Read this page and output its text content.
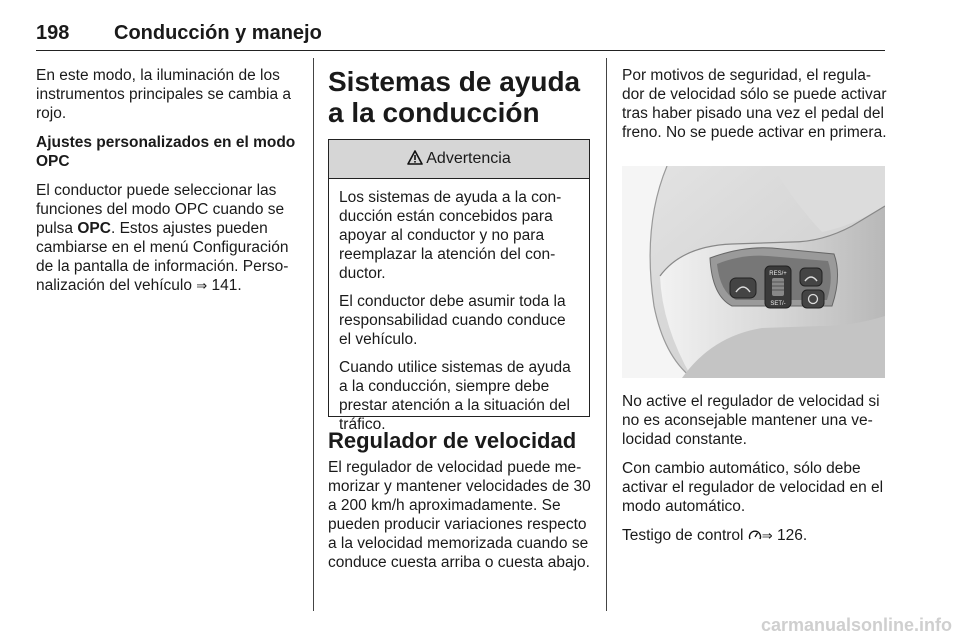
198 Conducción y manejo

En este modo, la iluminación de los instrumentos principales se cambia a rojo.

Ajustes personalizados en el modo OPC

El conductor puede seleccionar las funciones del modo OPC cuando se pulsa OPC. Estos ajustes pueden cambiarse en el menú Configuración de la pantalla de información. Personalización del vehículo ⇒ 141.

Sistemas de ayuda a la conducción
Advertencia

Los sistemas de ayuda a la conducción están concebidos para apoyar al conductor y no para reemplazar la atención del conductor.

El conductor debe asumir toda la responsabilidad cuando conduce el vehículo.

Cuando utilice sistemas de ayuda a la conducción, siempre debe prestar atención a la situación del tráfico.

Regulador de velocidad

El regulador de velocidad puede memorizar y mantener velocidades de 30 a 200 km/h aproximadamente. Se pueden producir variaciones respecto a la velocidad memorizada cuando se conduce cuesta arriba o cuesta abajo.

Por motivos de seguridad, el regulador de velocidad sólo se puede activar tras haber pisado una vez el pedal del freno. No se puede activar en primera.

RES/+
SET/-

No active el regulador de velocidad si no es aconsejable mantener una velocidad constante.

Con cambio automático, sólo debe activar el regulador de velocidad en el modo automático.

Testigo de control ⇒ 126.

carmanualsonline.info
